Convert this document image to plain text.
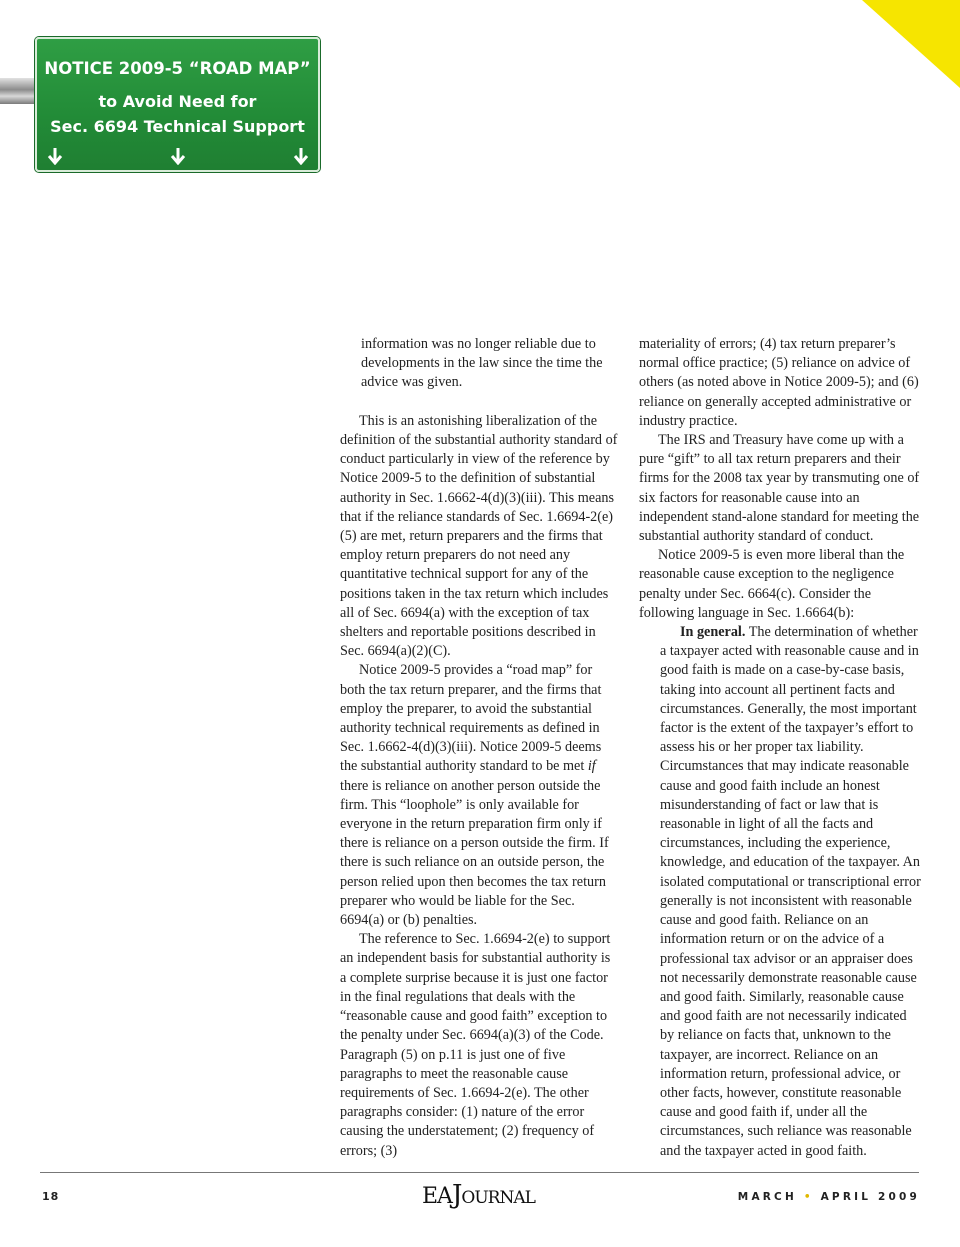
NOTICE 2009-5 “ROAD MAP”
to Avoid Need for
Sec. 6694 Technical Support

information was no longer reliable due to developments in the law since the time the advice was given.

This is an astonishing liberalization of the definition of the substantial authority standard of conduct particularly in view of the reference by Notice 2009-5 to the definition of substantial authority in Sec. 1.6662-4(d)(3)(iii). This means that if the reliance standards of Sec. 1.6694-2(e)(5) are met, return preparers and the firms that employ return preparers do not need any quantitative technical support for any of the positions taken in the tax return which includes all of Sec. 6694(a) with the exception of tax shelters and reportable positions described in Sec. 6694(a)(2)(C).

Notice 2009-5 provides a “road map” for both the tax return preparer, and the firms that employ the preparer, to avoid the substantial authority technical requirements as defined in Sec. 1.6662-4(d)(3)(iii). Notice 2009-5 deems the substantial authority standard to be met if there is reliance on another person outside the firm. This “loophole” is only available for everyone in the return preparation firm only if there is reliance on a person outside the firm. If there is such reliance on an outside person, the person relied upon then becomes the tax return preparer who would be liable for the Sec. 6694(a) or (b) penalties.

The reference to Sec. 1.6694-2(e) to support an independent basis for substantial authority is a complete surprise because it is just one factor in the final regulations that deals with the “reasonable cause and good faith” exception to the penalty under Sec. 6694(a)(3) of the Code. Paragraph (5) on p.11 is just one of five paragraphs to meet the reasonable cause requirements of Sec. 1.6694-2(e). The other paragraphs consider: (1) nature of the error causing the understatement; (2) frequency of errors; (3)

materiality of errors; (4) tax return preparer’s normal office practice; (5) reliance on advice of others (as noted above in Notice 2009-5); and (6) reliance on generally accepted administrative or industry practice.

The IRS and Treasury have come up with a pure “gift” to all tax return preparers and their firms for the 2008 tax year by transmuting one of six factors for reasonable cause into an independent stand-alone standard for meeting the substantial authority standard of conduct.

Notice 2009-5 is even more liberal than the reasonable cause exception to the negligence penalty under Sec. 6664(c). Consider the following language in Sec. 1.6664(b):

In general. The determination of whether a taxpayer acted with reasonable cause and in good faith is made on a case-by-case basis, taking into account all pertinent facts and circumstances. Generally, the most important factor is the extent of the taxpayer’s effort to assess his or her proper tax liability. Circumstances that may indicate reasonable cause and good faith include an honest misunderstanding of fact or law that is reasonable in light of all the facts and circumstances, including the experience, knowledge, and education of the taxpayer. An isolated computational or transcriptional error generally is not inconsistent with reasonable cause and good faith. Reliance on an information return or on the advice of a professional tax advisor or an appraiser does not necessarily demonstrate reasonable cause and good faith. Similarly, reasonable cause and good faith are not necessarily indicated by reliance on facts that, unknown to the taxpayer, are incorrect. Reliance on an information return, professional advice, or other facts, however, constitute reasonable cause and good faith if, under all the circumstances, such reliance was reasonable and the taxpayer acted in good faith.

18	EAJOURNAL	MARCH • APRIL 2009
